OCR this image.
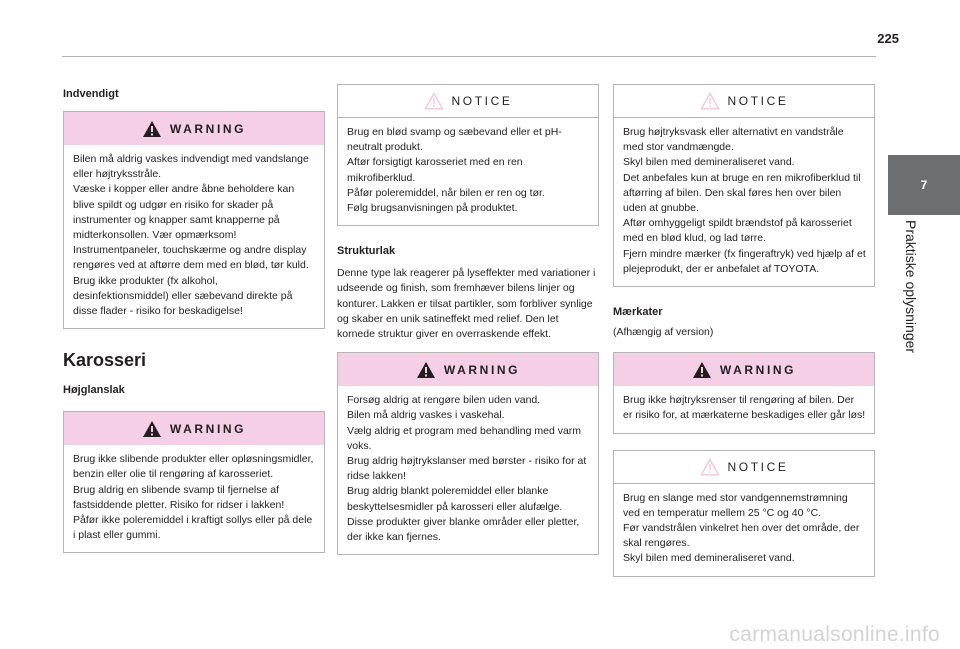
225
7
Praktiske oplysninger
Indvendigt
WARNING
Bilen må aldrig vaskes indvendigt med vandslange eller højtryksstråle.
Væske i kopper eller andre åbne beholdere kan blive spildt og udgør en risiko for skader på instrumenter og knapper samt knapperne på midterkonsollen. Vær opmærksom!
Instrumentpaneler, touchskærme og andre display rengøres ved at aftørre dem med en blød, tør kuld. Brug ikke produkter (fx alkohol, desinfektionsmiddel) eller sæbevand direkte på disse flader - risiko for beskadigelse!
Karosseri
Højglanslak
WARNING
Brug ikke slibende produkter eller opløsningsmidler, benzin eller olie til rengøring af karosseriet.
Brug aldrig en slibende svamp til fjernelse af fastsiddende pletter. Risiko for ridser i lakken!
Påfør ikke poleremiddel i kraftigt sollys eller på dele i plast eller gummi.
NOTICE
Brug en blød svamp og sæbevand eller et pH-neutralt produkt.
Aftør forsigtigt karosseriet med en ren mikrofiberklud.
Påfør poleremiddel, når bilen er ren og tør.
Følg brugsanvisningen på produktet.
Strukturlak
Denne type lak reagerer på lyseffekter med variationer i udseende og finish, som fremhæver bilens linjer og konturer. Lakken er tilsat partikler, som forbliver synlige og skaber en unik satineffekt med relief. Den let kornede struktur giver en overraskende effekt.
WARNING
Forsøg aldrig at rengøre bilen uden vand.
Bilen må aldrig vaskes i vaskehal.
Vælg aldrig et program med behandling med varm voks.
Brug aldrig højtrykslanser med børster - risiko for at ridse lakken!
Brug aldrig blankt poleremiddel eller blanke beskyttelsesmidler på karosseri eller alufælge. Disse produkter giver blanke områder eller pletter, der ikke kan fjernes.
NOTICE
Brug højtryksvask eller alternativt en vandstråle med stor vandmængde.
Skyl bilen med demineraliseret vand.
Det anbefales kun at bruge en ren mikrofiberklud til aftørring af bilen. Den skal føres hen over bilen uden at gnubbe.
Aftør omhyggeligt spildt brændstof på karosseriet med en blød klud, og lad tørre.
Fjern mindre mærker (fx fingeraftryk) ved hjælp af et plejeprodukt, der er anbefalet af TOYOTA.
Mærkater
(Afhængig af version)
WARNING
Brug ikke højtryksrenser til rengøring af bilen. Der er risiko for, at mærkaterne beskadiges eller går løs!
NOTICE
Brug en slange med stor vandgennemstrømning ved en temperatur mellem 25 °C og 40 °C.
Før vandstrålen vinkelret hen over det område, der skal rengøres.
Skyl bilen med demineraliseret vand.
carmanualsonline.info
